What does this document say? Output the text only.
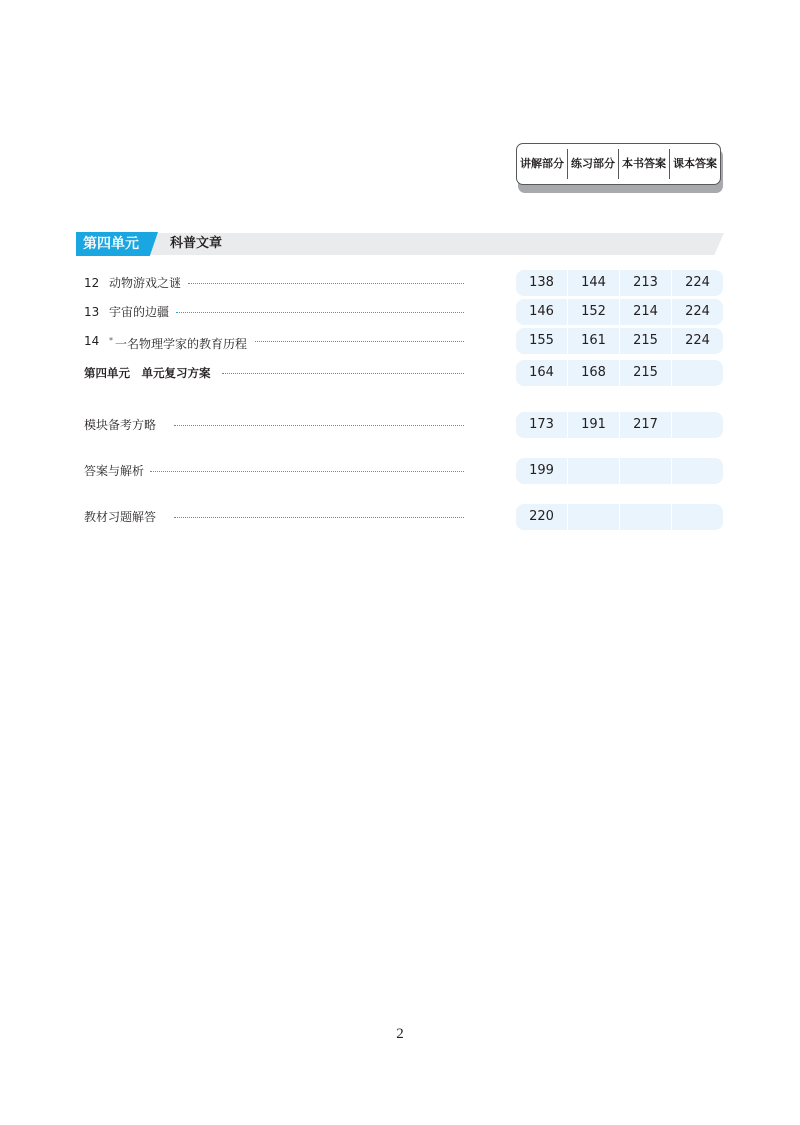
讲解部分 练习部分 本书答案 课本答案
第四单元 科普文章
12 动物游戏之谜	138	144	213	224
13 宇宙的边疆	146	152	214	224
14 * 一名物理学家的教育历程	155	161	215	224
第四单元　单元复习方案	164	168	215
模块备考方略	173	191	217
答案与解析	199
教材习题解答	220
2
